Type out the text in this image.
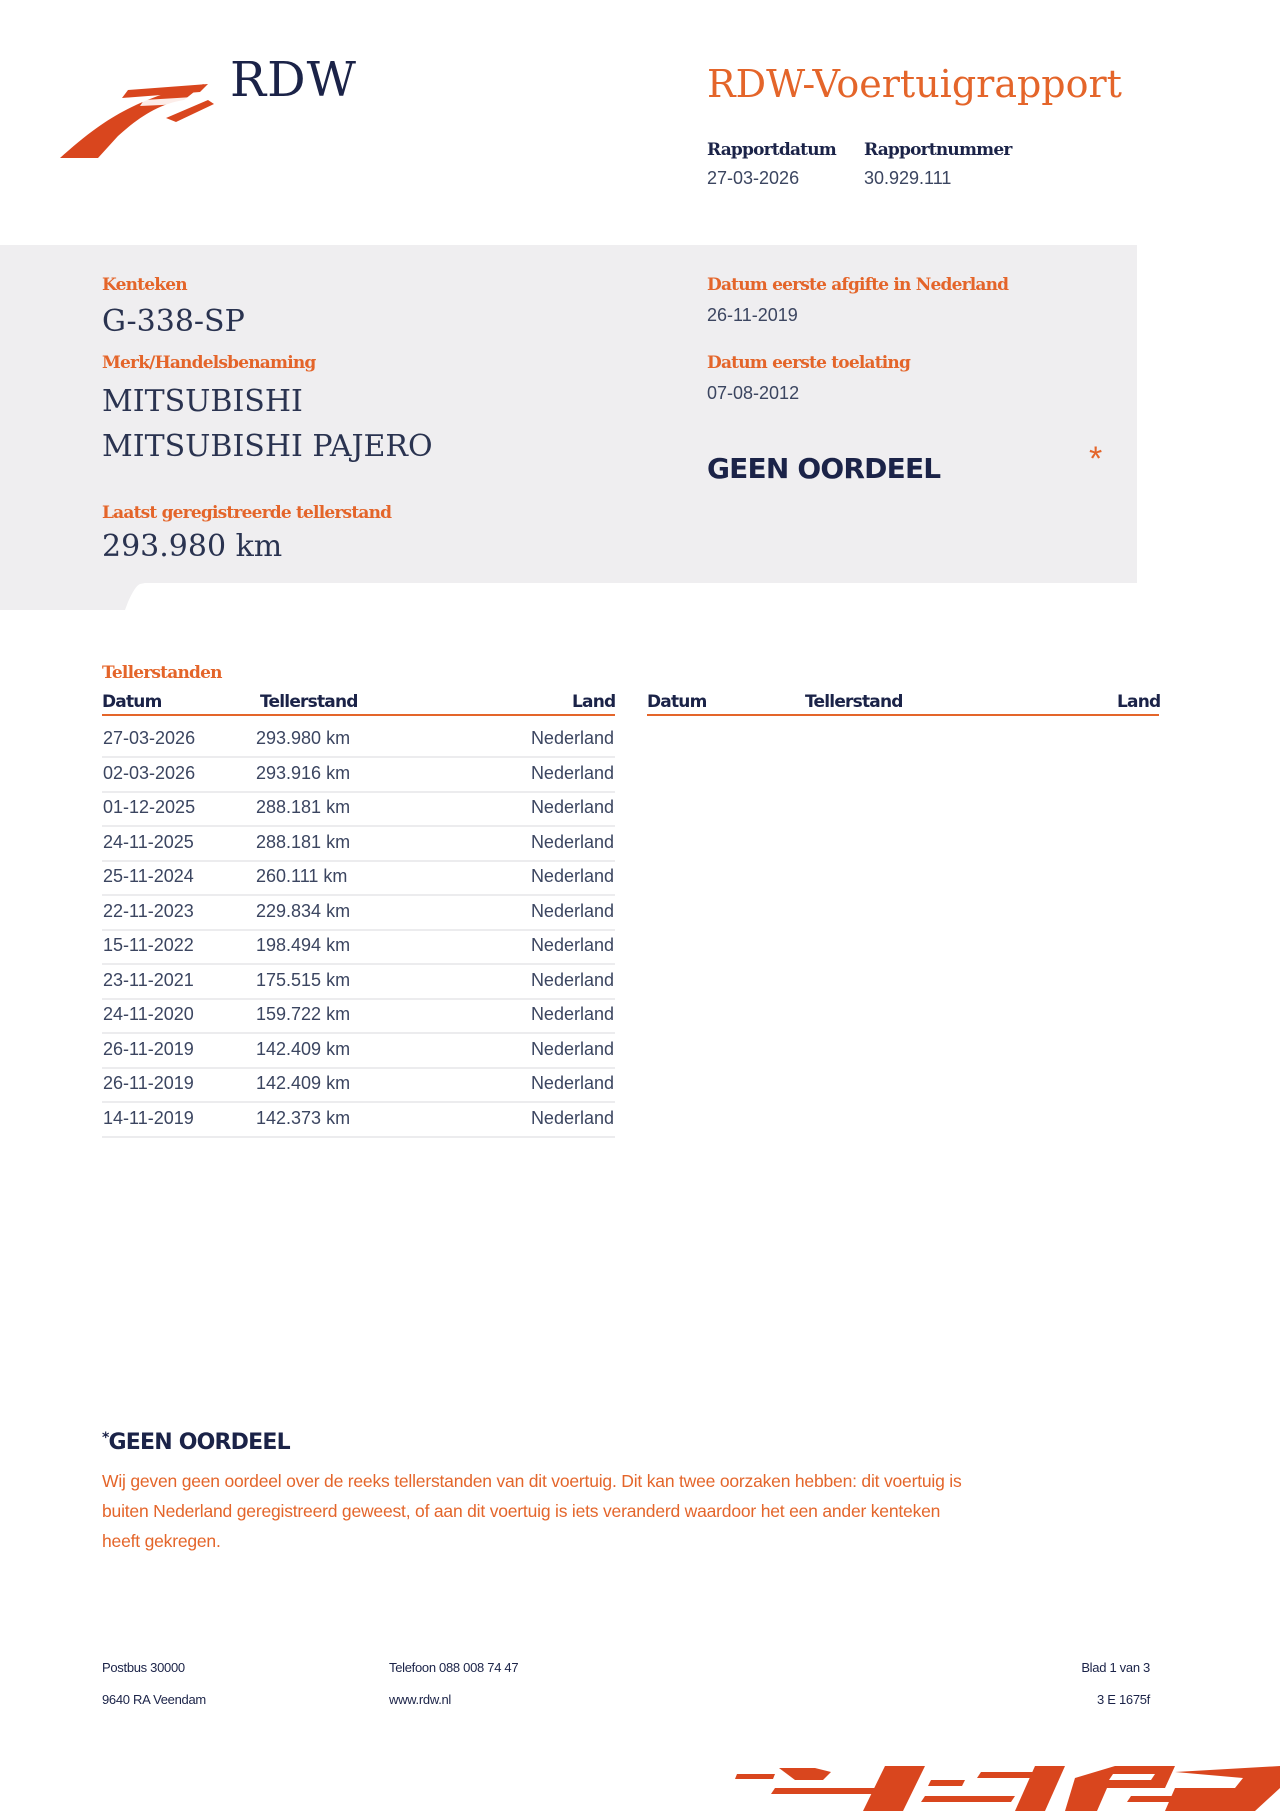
RDW	RDW-Voertuigrapport
Rapportdatum
27-03-2026
Rapportnummer
30.929.111
Kenteken
G-338-SP
Merk/Handelsbenaming
MITSUBISHI
MITSUBISHI PAJERO
Laatst geregistreerde tellerstand
293.980 km
Datum eerste afgifte in Nederland
26-11-2019
Datum eerste toelating
07-08-2012
GEEN OORDEEL	*
Tellerstanden
Datum	Tellerstand	Land Datum	Tellerstand	Land
27-03-2026	293.980 km	Nederland
02-03-2026	293.916 km	Nederland
01-12-2025	288.181 km	Nederland
24-11-2025	288.181 km	Nederland
25-11-2024	260.111 km	Nederland
22-11-2023	229.834 km	Nederland
15-11-2022	198.494 km	Nederland
23-11-2021	175.515 km	Nederland
24-11-2020	159.722 km	Nederland
26-11-2019	142.409 km	Nederland
26-11-2019	142.409 km	Nederland
14-11-2019	142.373 km	Nederland
*GEEN OORDEEL
Wij geven geen oordeel over de reeks tellerstanden van dit voertuig. Dit kan twee oorzaken hebben: dit voertuig is
buiten Nederland geregistreerd geweest, of aan dit voertuig is iets veranderd waardoor het een ander kenteken
heeft gekregen.
Postbus 30000
9640 RA Veendam
Telefoon 088 008 74 47
www.rdw.nl
Blad 1 van 3
3 E 1675f
